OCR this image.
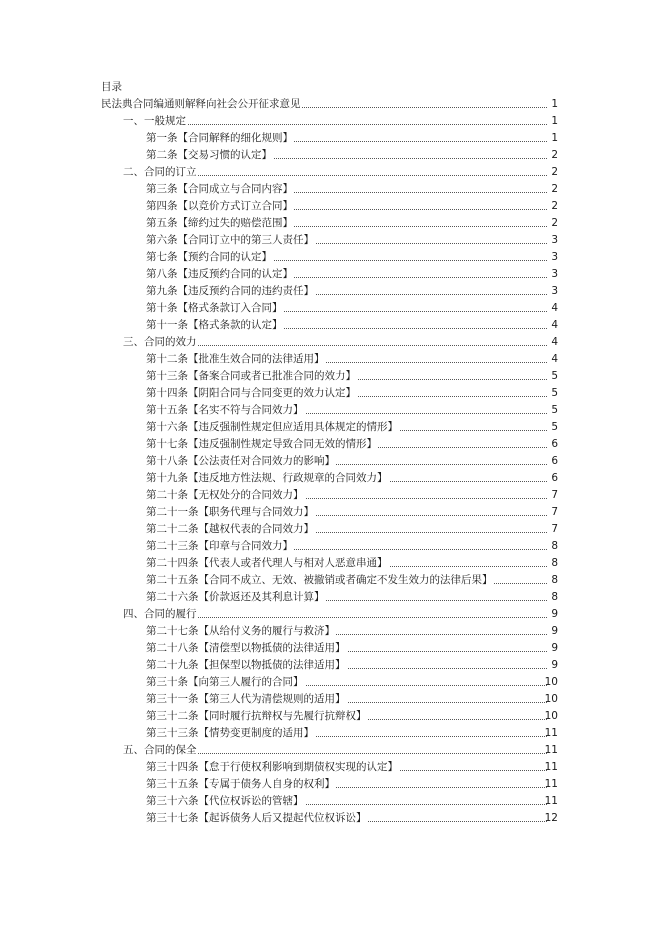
目录
民法典合同编通则解释向社会公开征求意见	1
一、一般规定	1
第一条【合同解释的细化规则】	1
第二条【交易习惯的认定】	2
二、合同的订立	2
第三条【合同成立与合同内容】	2
第四条【以竞价方式订立合同】	2
第五条【缔约过失的赔偿范围】	2
第六条【合同订立中的第三人责任】	3
第七条【预约合同的认定】	3
第八条【违反预约合同的认定】	3
第九条【违反预约合同的违约责任】	3
第十条【格式条款订入合同】	4
第十一条【格式条款的认定】	4
三、合同的效力	4
第十二条【批准生效合同的法律适用】	4
第十三条【备案合同或者已批准合同的效力】	5
第十四条【阴阳合同与合同变更的效力认定】	5
第十五条【名实不符与合同效力】	5
第十六条【违反强制性规定但应适用具体规定的情形】	5
第十七条【违反强制性规定导致合同无效的情形】	6
第十八条【公法责任对合同效力的影响】	6
第十九条【违反地方性法规、行政规章的合同效力】	6
第二十条【无权处分的合同效力】	7
第二十一条【职务代理与合同效力】	7
第二十二条【越权代表的合同效力】	7
第二十三条【印章与合同效力】	8
第二十四条【代表人或者代理人与相对人恶意串通】	8
第二十五条【合同不成立、无效、被撤销或者确定不发生效力的法律后果】	8
第二十六条【价款返还及其利息计算】	8
四、合同的履行	9
第二十七条【从给付义务的履行与救济】	9
第二十八条【清偿型以物抵债的法律适用】	9
第二十九条【担保型以物抵债的法律适用】	9
第三十条【向第三人履行的合同】	10
第三十一条【第三人代为清偿规则的适用】	10
第三十二条【同时履行抗辩权与先履行抗辩权】	10
第三十三条【情势变更制度的适用】	11
五、合同的保全	11
第三十四条【怠于行使权利影响到期债权实现的认定】	11
第三十五条【专属于债务人自身的权利】	11
第三十六条【代位权诉讼的管辖】	11
第三十七条【起诉债务人后又提起代位权诉讼】	12
